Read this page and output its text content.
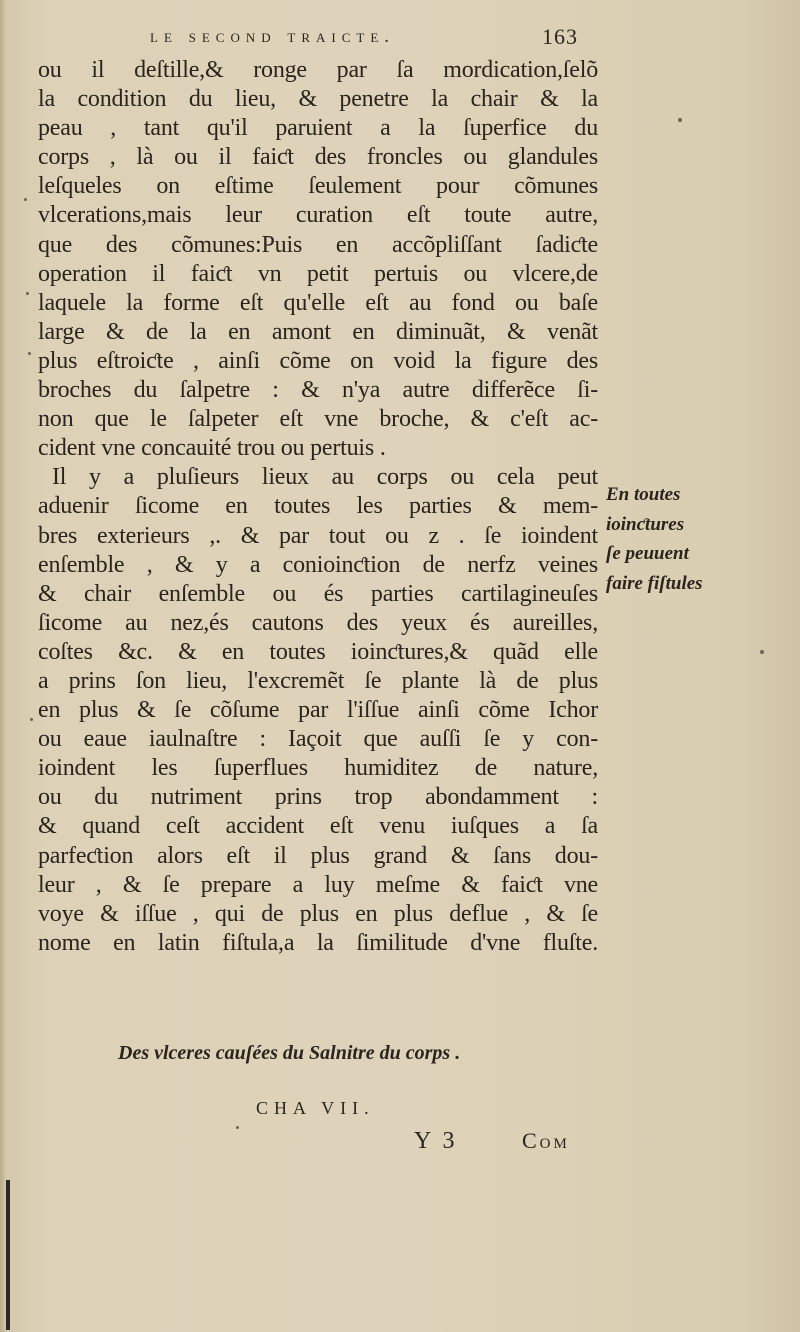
le second traicte.	163
ou il deſtille,& ronge par ſa mordication,ſelõ
la condition du lieu, & penetre la chair & la
peau , tant qu'il paruient a la ſuperfice du
corps , là ou il faiƈt des froncles ou glandules
leſqueles on eſtime ſeulement pour cõmunes
vlcerations,mais leur curation eſt toute autre,
que des cõmunes:Puis en accõpliſſant ſadiƈte
operation il faiƈt vn petit pertuis ou vlcere,de
laquele la forme eſt qu'elle eſt au fond ou baſe
large & de la en amont en diminuãt, & venãt
plus eſtroiƈte , ainſi cõme on void la figure des
broches du ſalpetre : & n'ya autre differẽce ſi-
non que le ſalpeter eſt vne broche, & c'eſt ac-
cident vne concauité trou ou pertuis .
Il y a pluſieurs lieux au corps ou cela peut
aduenir ſicome en toutes les parties & mem-
bres exterieurs ,. & par tout ou z . ſe ioindent
enſemble , & y a conioinƈtion de nerfz veines
& chair enſemble ou és parties cartilagineuſes
ſicome au nez,és cautons des yeux és aureilles,
coſtes &c. & en toutes ioinƈtures,& quãd elle
a prins ſon lieu, l'excremẽt ſe plante là de plus
en plus & ſe cõſume par l'iſſue ainſi cõme Ichor
ou eaue iaulnaſtre : Iaçoit que auſſi ſe y con-
ioindent les ſuperflues humiditez de nature,
ou du nutriment prins trop abondamment :
& quand ceſt accident eſt venu iuſques a ſa
parfeƈtion alors eſt il plus grand & ſans dou-
leur , & ſe prepare a luy meſme & faiƈt vne
voye & iſſue , qui de plus en plus deflue , & ſe
nome en latin fiſtula,a la ſimilitude d'vne fluſte.
En toutes
ioinƈtures
ſe peuuent
faire fiſtules
Des vlceres cauſées du Salnitre du corps .
CHA VII.
Y 3	Com
